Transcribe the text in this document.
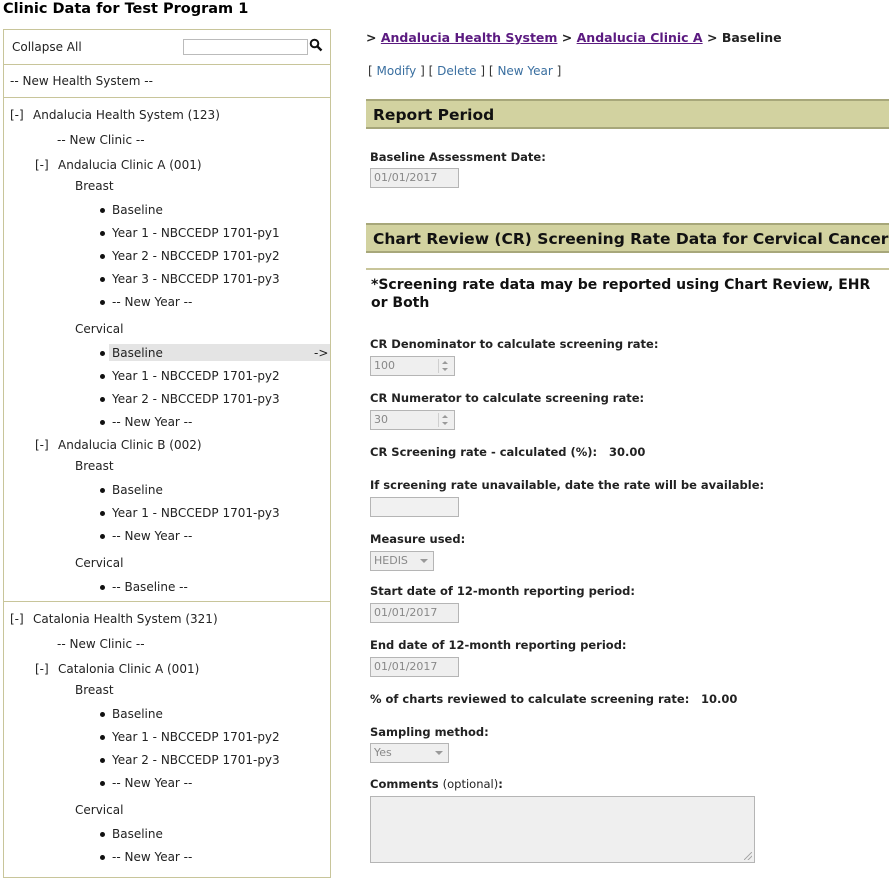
Clinic Data for Test Program 1
Collapse All
-- New Health System --
[-] Andalucia Health System (123)
-- New Clinic --
[-] Andalucia Clinic A (001)
Breast
Baseline
Year 1 - NBCCEDP 1701-py1
Year 2 - NBCCEDP 1701-py2
Year 3 - NBCCEDP 1701-py3
-- New Year --
Cervical
Baseline	->
Year 1 - NBCCEDP 1701-py2
Year 2 - NBCCEDP 1701-py3
-- New Year --
[-] Andalucia Clinic B (002)
Breast
Baseline
Year 1 - NBCCEDP 1701-py3
-- New Year --
Cervical
-- Baseline --
[-] Catalonia Health System (321)
-- New Clinic --
[-] Catalonia Clinic A (001)
Breast
Baseline
Year 1 - NBCCEDP 1701-py2
Year 2 - NBCCEDP 1701-py3
-- New Year --
Cervical
Baseline
-- New Year --
> Andalucia Health System > Andalucia Clinic A > Baseline
[ Modify ] [ Delete ] [ New Year ]
Report Period
Baseline Assessment Date:
01/01/2017
Chart Review (CR) Screening Rate Data for Cervical Cancer
*Screening rate data may be reported using Chart Review, EHR or Both
CR Denominator to calculate screening rate:
100
CR Numerator to calculate screening rate:
30
CR Screening rate - calculated (%): 30.00
If screening rate unavailable, date the rate will be available:
Measure used:
HEDIS
Start date of 12-month reporting period:
01/01/2017
End date of 12-month reporting period:
01/01/2017
% of charts reviewed to calculate screening rate: 10.00
Sampling method:
Yes
Comments (optional):
